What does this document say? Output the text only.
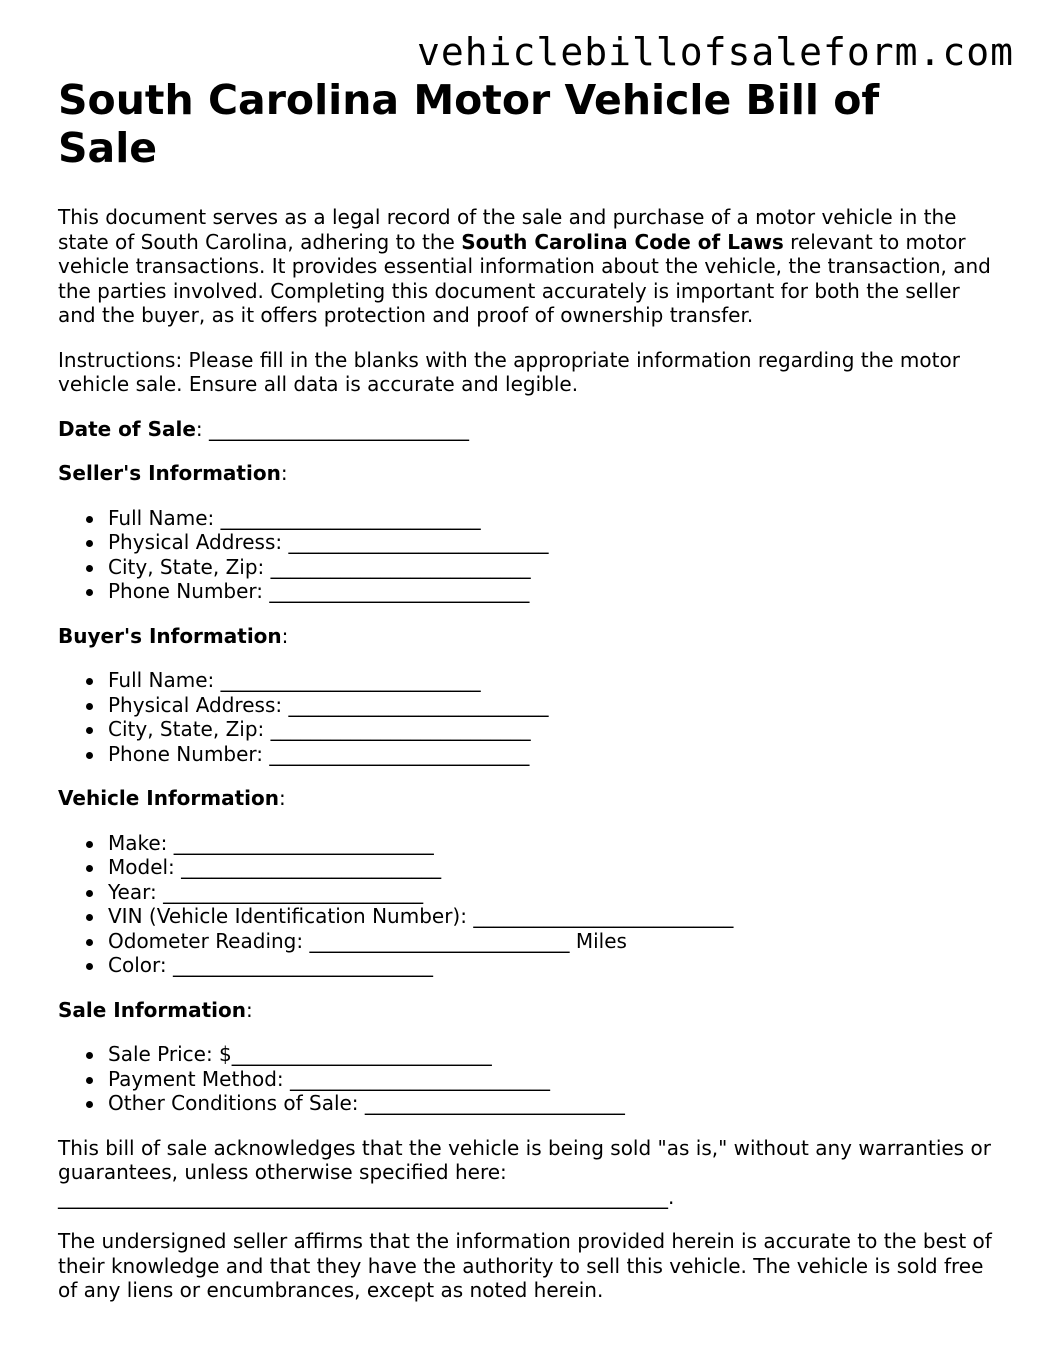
vehiclebillofsaleform.com
South Carolina Motor Vehicle Bill of Sale

This document serves as a legal record of the sale and purchase of a motor vehicle in the state of South Carolina, adhering to the South Carolina Code of Laws relevant to motor vehicle transactions. It provides essential information about the vehicle, the transaction, and the parties involved. Completing this document accurately is important for both the seller and the buyer, as it offers protection and proof of ownership transfer.

Instructions: Please fill in the blanks with the appropriate information regarding the motor vehicle sale. Ensure all data is accurate and legible.

Date of Sale: __________________________

Seller's Information:

Full Name: __________________________
Physical Address: __________________________
City, State, Zip: __________________________
Phone Number: __________________________

Buyer's Information:

Full Name: __________________________
Physical Address: __________________________
City, State, Zip: __________________________
Phone Number: __________________________

Vehicle Information:

Make: __________________________
Model: __________________________
Year: __________________________
VIN (Vehicle Identification Number): __________________________
Odometer Reading: __________________________ Miles
Color: __________________________

Sale Information:

Sale Price: $__________________________
Payment Method: __________________________
Other Conditions of Sale: __________________________

This bill of sale acknowledges that the vehicle is being sold "as is," without any warranties or guarantees, unless otherwise specified here:
_____________________________________________________________.

The undersigned seller affirms that the information provided herein is accurate to the best of their knowledge and that they have the authority to sell this vehicle. The vehicle is sold free of any liens or encumbrances, except as noted herein.
